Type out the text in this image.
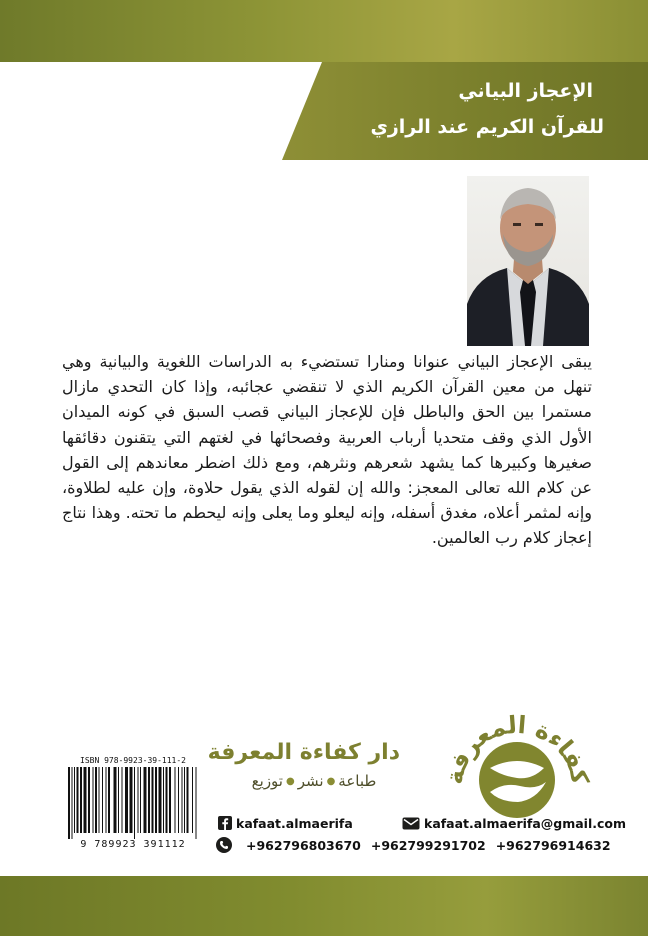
الإعجاز البياني
للقرآن الكريم عند الرازي
يبقى الإعجاز البياني عنوانا ومنارا تستضيء به الدراسات اللغوية والبيانية وهي تنهل من معين القرآن الكريم الذي لا تنقضي عجائبه، وإذا كان التحدي مازال مستمرا بين الحق والباطل فإن للإعجاز البياني قصب السبق في كونه الميدان الأول الذي وقف متحديا أرباب العربية وفصحائها في لغتهم التي يتقنون دقائقها صغيرها وكبيرها كما يشهد شعرهم ونثرهم، ومع ذلك اضطر معاندهم إلى القول عن كلام الله تعالى المعجز: والله إن لقوله الذي يقول حلاوة، وإن عليه لطلاوة، وإنه لمثمر أعلاه، مغدق أسفله، وإنه ليعلو وما يعلى وإنه ليحطم ما تحته. وهذا نتاج إعجاز كلام رب العالمين.
كفاءة المعرفة
دار كفاءة المعرفة
طباعة●نشر●توزيع
ISBN 978-9923-39-111-2
9 789923 391112
kafaat.almaerifa	kafaat.almaerifa@gmail.com
+962796803670 +962799291702 +962796914632
